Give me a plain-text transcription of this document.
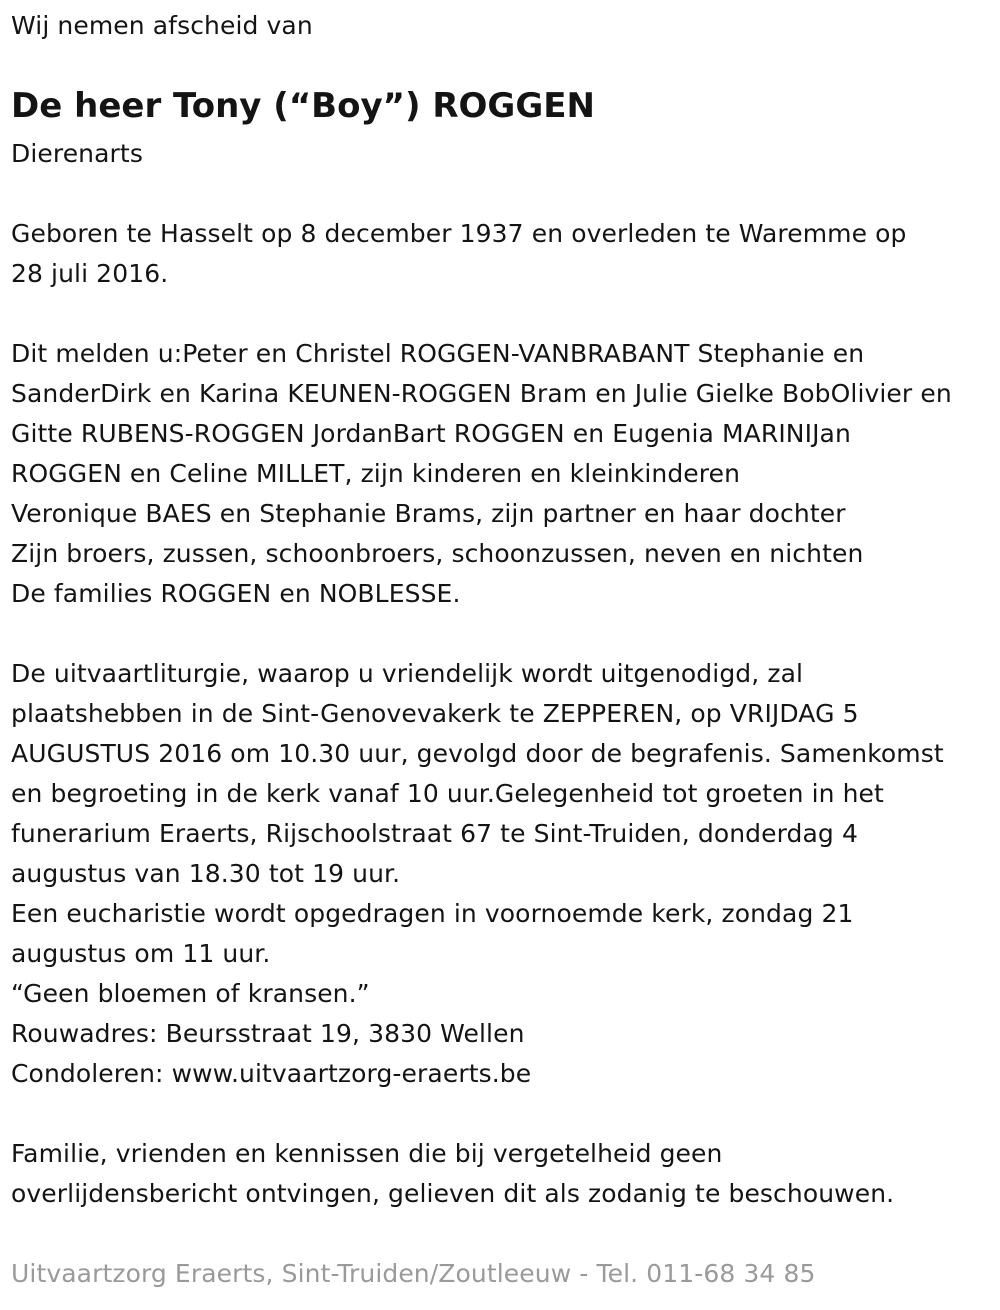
Wij nemen afscheid van

De heer Tony (“Boy”) ROGGEN

Dierenarts

Geboren te Hasselt op 8 december 1937 en overleden te Waremme op

28 juli 2016.

Dit melden u:Peter en Christel ROGGEN-VANBRABANT Stephanie en

SanderDirk en Karina KEUNEN-ROGGEN Bram en Julie Gielke BobOlivier en

Gitte RUBENS-ROGGEN JordanBart ROGGEN en Eugenia MARINIJan

ROGGEN en Celine MILLET, zijn kinderen en kleinkinderen

Veronique BAES en Stephanie Brams, zijn partner en haar dochter

Zijn broers, zussen, schoonbroers, schoonzussen, neven en nichten

De families ROGGEN en NOBLESSE.

De uitvaartliturgie, waarop u vriendelijk wordt uitgenodigd, zal

plaatshebben in de Sint-Genovevakerk te ZEPPEREN, op VRIJDAG 5

AUGUSTUS 2016 om 10.30 uur, gevolgd door de begrafenis. Samenkomst

en begroeting in de kerk vanaf 10 uur.Gelegenheid tot groeten in het

funerarium Eraerts, Rijschoolstraat 67 te Sint-Truiden, donderdag 4

augustus van 18.30 tot 19 uur.

Een eucharistie wordt opgedragen in voornoemde kerk, zondag 21

augustus om 11 uur.

“Geen bloemen of kransen.”

Rouwadres: Beursstraat 19, 3830 Wellen

Condoleren: www.uitvaartzorg-eraerts.be

Familie, vrienden en kennissen die bij vergetelheid geen

overlijdensbericht ontvingen, gelieven dit als zodanig te beschouwen.

Uitvaartzorg Eraerts, Sint-Truiden/Zoutleeuw - Tel. 011-68 34 85
